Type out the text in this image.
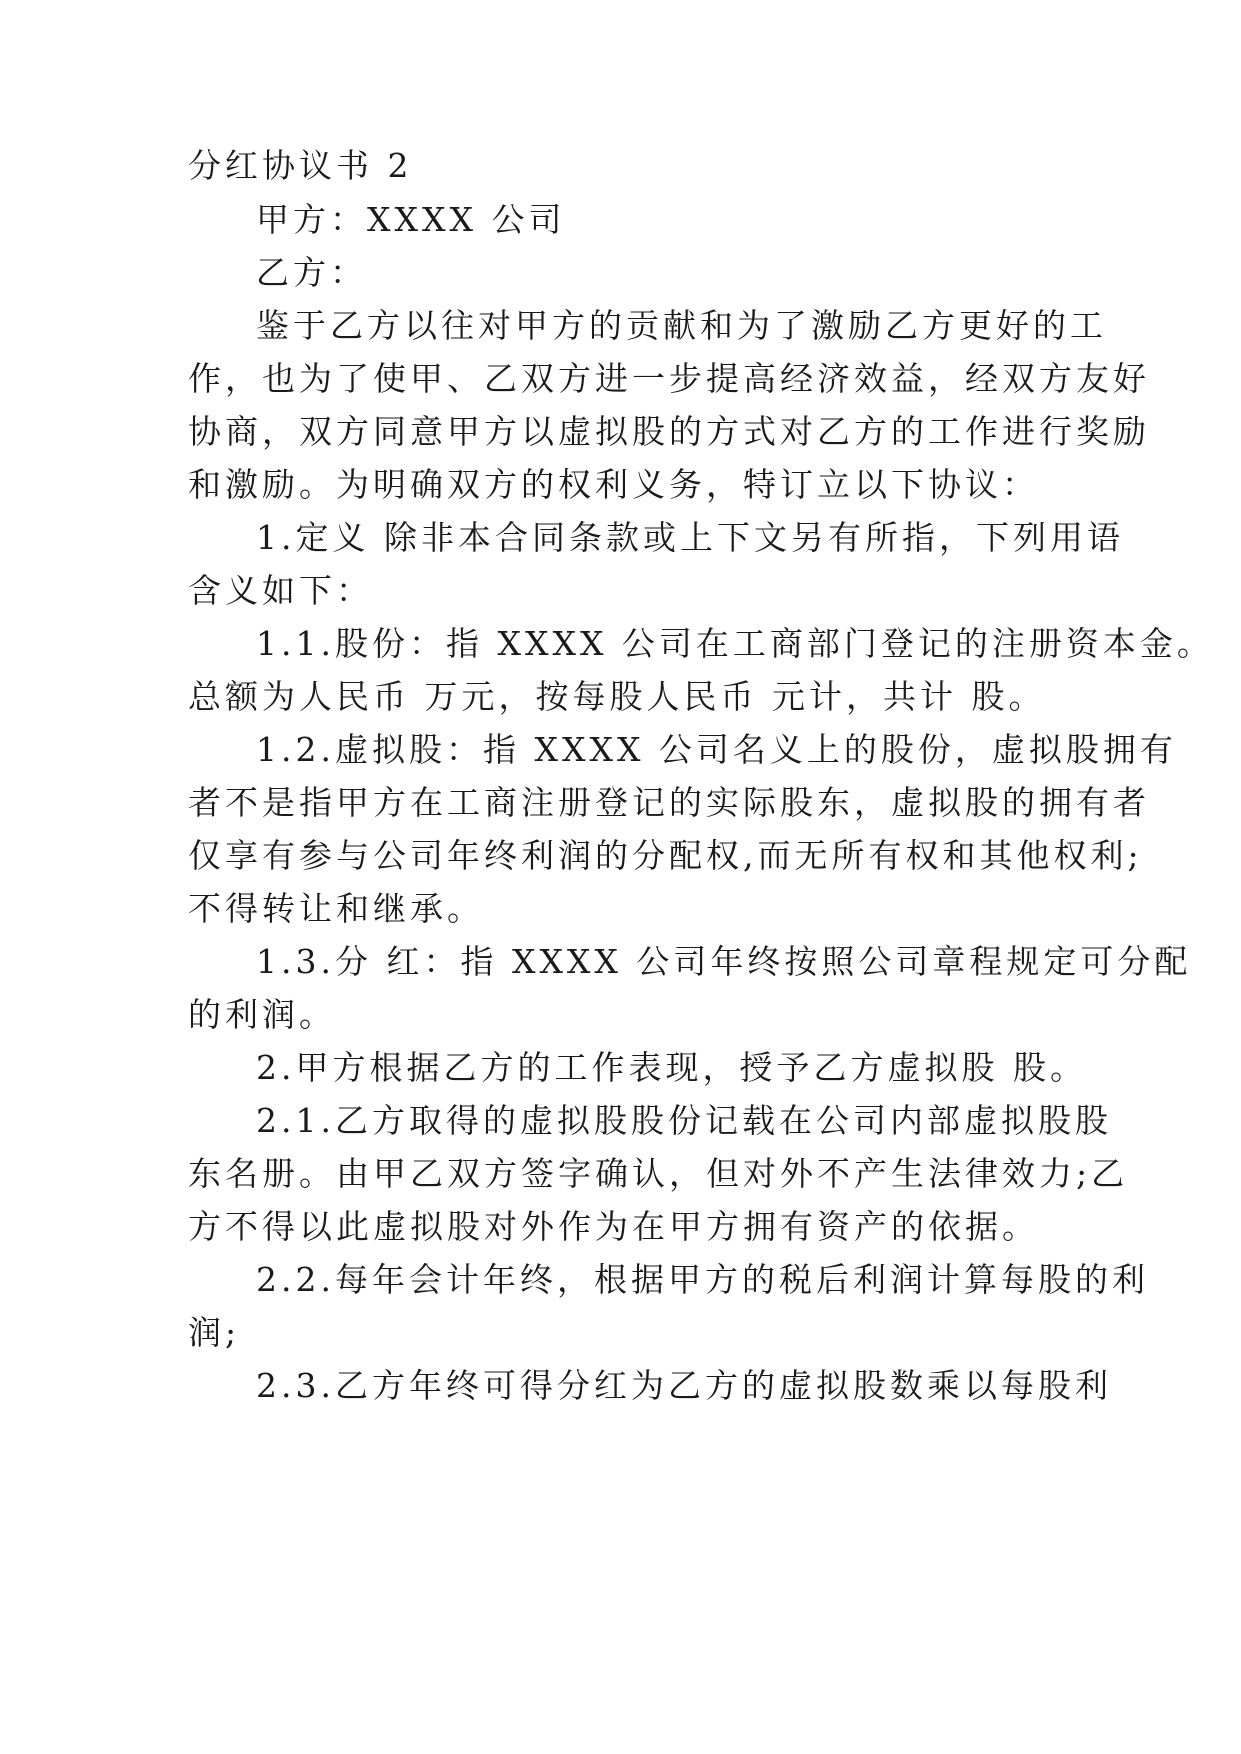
分红协议书 2
甲方：XXXX 公司
乙方：
鉴于乙方以往对甲方的贡献和为了激励乙方更好的工
作，也为了使甲、乙双方进一步提高经济效益，经双方友好
协商，双方同意甲方以虚拟股的方式对乙方的工作进行奖励
和激励。为明确双方的权利义务，特订立以下协议：
1.定义 除非本合同条款或上下文另有所指，下列用语
含义如下：
1.1.股份：指 XXXX 公司在工商部门登记的注册资本金。
总额为人民币 万元，按每股人民币 元计，共计 股。
1.2.虚拟股：指 XXXX 公司名义上的股份，虚拟股拥有
者不是指甲方在工商注册登记的实际股东，虚拟股的拥有者
仅享有参与公司年终利润的分配权,而无所有权和其他权利;
不得转让和继承。
1.3.分 红：指 XXXX 公司年终按照公司章程规定可分配
的利润。
2.甲方根据乙方的工作表现，授予乙方虚拟股 股。
2.1.乙方取得的虚拟股股份记载在公司内部虚拟股股
东名册。由甲乙双方签字确认，但对外不产生法律效力;乙
方不得以此虚拟股对外作为在甲方拥有资产的依据。
2.2.每年会计年终，根据甲方的税后利润计算每股的利
润;
2.3.乙方年终可得分红为乙方的虚拟股数乘以每股利
